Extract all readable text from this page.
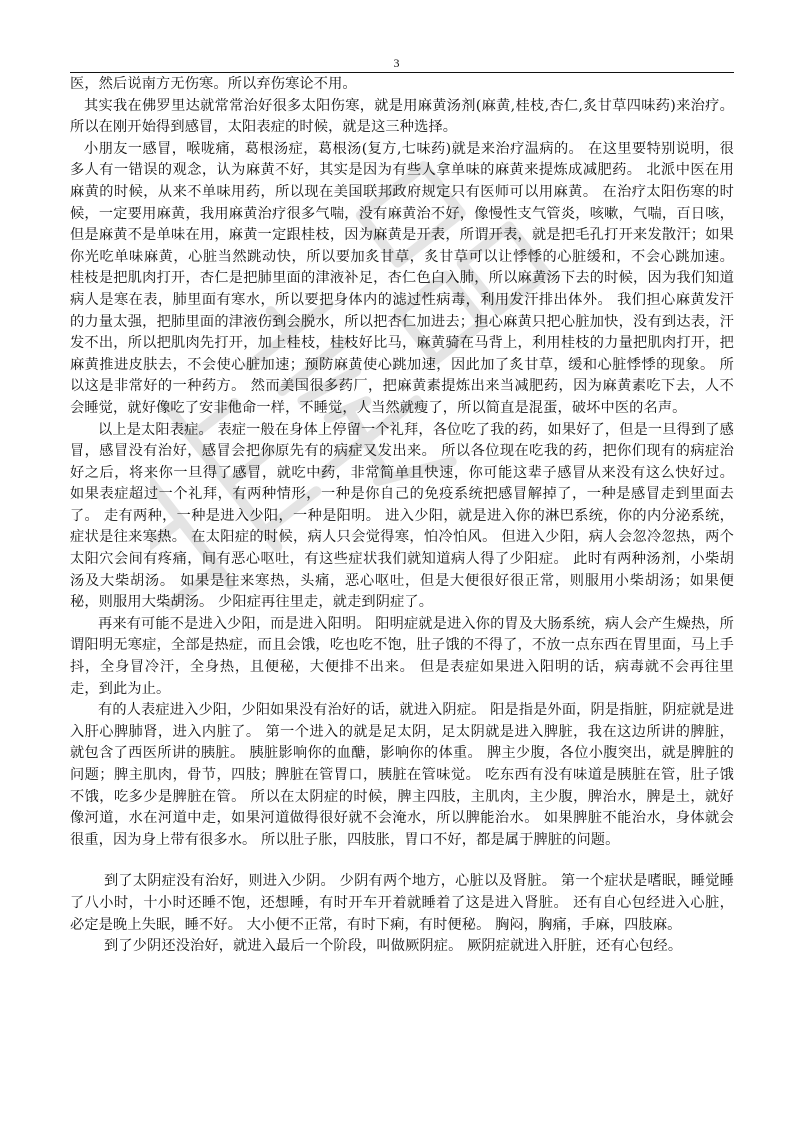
3

医，然后说南方无伤寒。所以弃伤寒论不用。

其实我在佛罗里达就常常治好很多太阳伤寒，就是用麻黄汤剂(麻黄,桂枝,杏仁,炙甘草四味药)来治疗。 所以在刚开始得到感冒，太阳表症的时候，就是这三种选择。

小朋友一感冒，喉咙痛，葛根汤症，葛根汤(复方,七味药)就是来治疗温病的。 在这里要特别说明，很多人有一错误的观念，认为麻黄不好，其实是因为有些人拿单味的麻黄来提炼成减肥药。 北派中医在用麻黄的时候，从来不单味用药，所以现在美国联邦政府规定只有医师可以用麻黄。 在治疗太阳伤寒的时候，一定要用麻黄，我用麻黄治疗很多气喘，没有麻黄治不好，像慢性支气管炎，咳嗽，气喘，百日咳，但是麻黄不是单味在用，麻黄一定跟桂枝，因为麻黄是开表，所谓开表，就是把毛孔打开来发散汗；如果你光吃单味麻黄，心脏当然跳动快，所以要加炙甘草，炙甘草可以让悸悸的心脏缓和，不会心跳加速。 桂枝是把肌肉打开，杏仁是把肺里面的津液补足，杏仁色白入肺，所以麻黄汤下去的时候，因为我们知道病人是寒在表，肺里面有寒水，所以要把身体内的滤过性病毒，利用发汗排出体外。 我们担心麻黄发汗的力量太强，把肺里面的津液伤到会脱水，所以把杏仁加进去；担心麻黄只把心脏加快，没有到达表，汗发不出，所以把肌肉先打开，加上桂枝，桂枝好比马，麻黄骑在马背上，利用桂枝的力量把肌肉打开，把麻黄推进皮肤去，不会使心脏加速；预防麻黄使心跳加速，因此加了炙甘草，缓和心脏悸悸的现象。 所以这是非常好的一种药方。 然而美国很多药厂，把麻黄素提炼出来当减肥药，因为麻黄素吃下去，人不会睡觉，就好像吃了安非他命一样，不睡觉，人当然就瘦了，所以简直是混蛋，破坏中医的名声。

以上是太阳表症。 表症一般在身体上停留一个礼拜，各位吃了我的药，如果好了，但是一旦得到了感冒，感冒没有治好，感冒会把你原先有的病症又发出来。 所以各位现在吃我的药，把你们现有的病症治好之后，将来你一旦得了感冒，就吃中药，非常简单且快速，你可能这辈子感冒从来没有这么快好过。 如果表症超过一个礼拜，有两种情形，一种是你自己的免疫系统把感冒解掉了，一种是感冒走到里面去了。 走有两种，一种是进入少阳，一种是阳明。 进入少阳，就是进入你的淋巴系统，你的内分泌系统，症状是往来寒热。 在太阳症的时候，病人只会觉得寒，怕冷怕风。 但进入少阳，病人会忽冷忽热，两个太阳穴会间有疼痛，间有恶心呕吐，有这些症状我们就知道病人得了少阳症。 此时有两种汤剂，小柴胡汤及大柴胡汤。 如果是往来寒热，头痛，恶心呕吐，但是大便很好很正常，则服用小柴胡汤；如果便秘，则服用大柴胡汤。 少阳症再往里走，就走到阴症了。

再来有可能不是进入少阳，而是进入阳明。 阳明症就是进入你的胃及大肠系统，病人会产生燥热，所谓阳明无寒症，全部是热症，而且会饿，吃也吃不饱，肚子饿的不得了，不放一点东西在胃里面，马上手抖，全身冒冷汗，全身热，且便秘，大便排不出来。 但是表症如果进入阳明的话，病毒就不会再往里走，到此为止。

有的人表症进入少阳，少阳如果没有治好的话，就进入阴症。 阳是指是外面，阴是指脏，阴症就是进入肝心脾肺肾，进入内脏了。 第一个进入的就是足太阴，足太阴就是进入脾脏，我在这边所讲的脾脏，就包含了西医所讲的胰脏。 胰脏影响你的血醣，影响你的体重。 脾主少腹，各位小腹突出，就是脾脏的问题；脾主肌肉，骨节，四肢；脾脏在管胃口，胰脏在管味觉。 吃东西有没有味道是胰脏在管，肚子饿不饿，吃多少是脾脏在管。 所以在太阴症的时候，脾主四肢，主肌肉，主少腹，脾治水，脾是土，就好像河道，水在河道中走，如果河道做得很好就不会淹水，所以脾能治水。 如果脾脏不能治水，身体就会很重，因为身上带有很多水。 所以肚子胀，四肢胀，胃口不好，都是属于脾脏的问题。

到了太阴症没有治好，则进入少阴。 少阴有两个地方，心脏以及肾脏。 第一个症状是嗜眠，睡觉睡了八小时，十小时还睡不饱，还想睡，有时开车开着就睡着了这是进入肾脏。 还有自心包经进入心脏，必定是晚上失眠，睡不好。 大小便不正常，有时下痢，有时便秘。 胸闷，胸痛，手麻，四肢麻。

到了少阴还没治好，就进入最后一个阶段，叫做厥阴症。 厥阴症就进入肝脏，还有心包经。
